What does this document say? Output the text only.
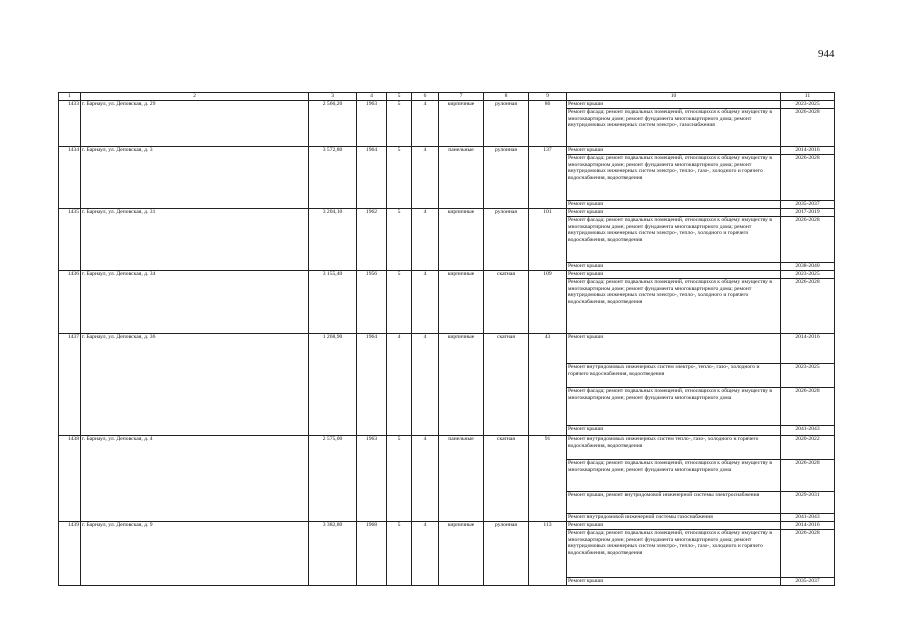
944
1	2	3	4	5	6	7	8	9	10	11
1433	г. Барнаул, ул. Деповская, д. 29	2 566,20	1963	5	4	кирпичные	рулонная	86	Ремонт крыши	2023-2025
									Ремонт фасада; ремонт подвальных помещений, относящихся к общему имуществу в многоквартирном доме; ремонт фундамента многоквартирного дома; ремонт внутридомовых инженерных систем электро-, газоснабжения	2026-2028
1434	г. Барнаул, ул. Деповская, д. 3	3 572,80	1964	5	4	панельные	рулонная	137	Ремонт крыши	2014-2016
									Ремонт фасада; ремонт подвальных помещений, относящихся к общему имуществу в многоквартирном доме; ремонт фундамента многоквартирного дома; ремонт внутридомовых инженерных систем электро-, тепло-, газо-, холодного и горячего водоснабжения, водоотведения	2026-2028
									Ремонт крыши	2035-2037
1435	г. Барнаул, ул. Деповская, д. 31	3 204,10	1962	5	4	кирпичные	рулонная	101	Ремонт крыши	2017-2019
									Ремонт фасада; ремонт подвальных помещений, относящихся к общему имуществу в многоквартирном доме; ремонт фундамента многоквартирного дома; ремонт внутридомовых инженерных систем электро-, тепло-, холодного и горячего водоснабжения, водоотведения	2026-2028
									Ремонт крыши	2038-2040
1436	г. Барнаул, ул. Деповская, д. 34	3 155,40	1956	5	4	кирпичные	скатная	109	Ремонт крыши	2023-2025
									Ремонт фасада; ремонт подвальных помещений, относящихся к общему имуществу в многоквартирном доме; ремонт фундамента многоквартирного дома; ремонт внутридомовых инженерных систем электро-, тепло-, холодного и горячего водоснабжения, водоотведения	2026-2028
1437	г. Барнаул, ул. Деповская, д. 36	1 268,90	1964	4	4	кирпичные	скатная	43	Ремонт крыши	2014-2016
									Ремонт внутридомовых инженерных систем электро-, тепло-, газо-, холодного и горячего водоснабжения, водоотведения	2023-2025
									Ремонт фасада; ремонт подвальных помещений, относящихся к общему имуществу в многоквартирном доме; ремонт фундамента многоквартирного дома	2026-2028
									Ремонт крыши	2041-2043
1438	г. Барнаул, ул. Деповская, д. 4	2 575,00	1963	5	4	панельные	скатная	91	Ремонт внутридомовых инженерных систем тепло-, газо-, холодного и горячего водоснабжения, водоотведения	2020-2022
									Ремонт фасада; ремонт подвальных помещений, относящихся к общему имуществу в многоквартирном доме; ремонт фундамента многоквартирного дома	2026-2028
									Ремонт крыши, ремонт внутридомовой инженерной системы электроснабжения	2029-2031
									Ремонт внутридомовой инженерной системы газоснабжения	2041-2043
1439	г. Барнаул, ул. Деповская, д. 9	3 382,80	1968	5	4	кирпичные	рулонная	113	Ремонт крыши	2014-2016
									Ремонт фасада; ремонт подвальных помещений, относящихся к общему имуществу в многоквартирном доме; ремонт фундамента многоквартирного дома; ремонт внутридомовых инженерных систем электро-, тепло-, газо-, холодного и горячего водоснабжения, водоотведения	2026-2028
									Ремонт крыши	2035-2037
